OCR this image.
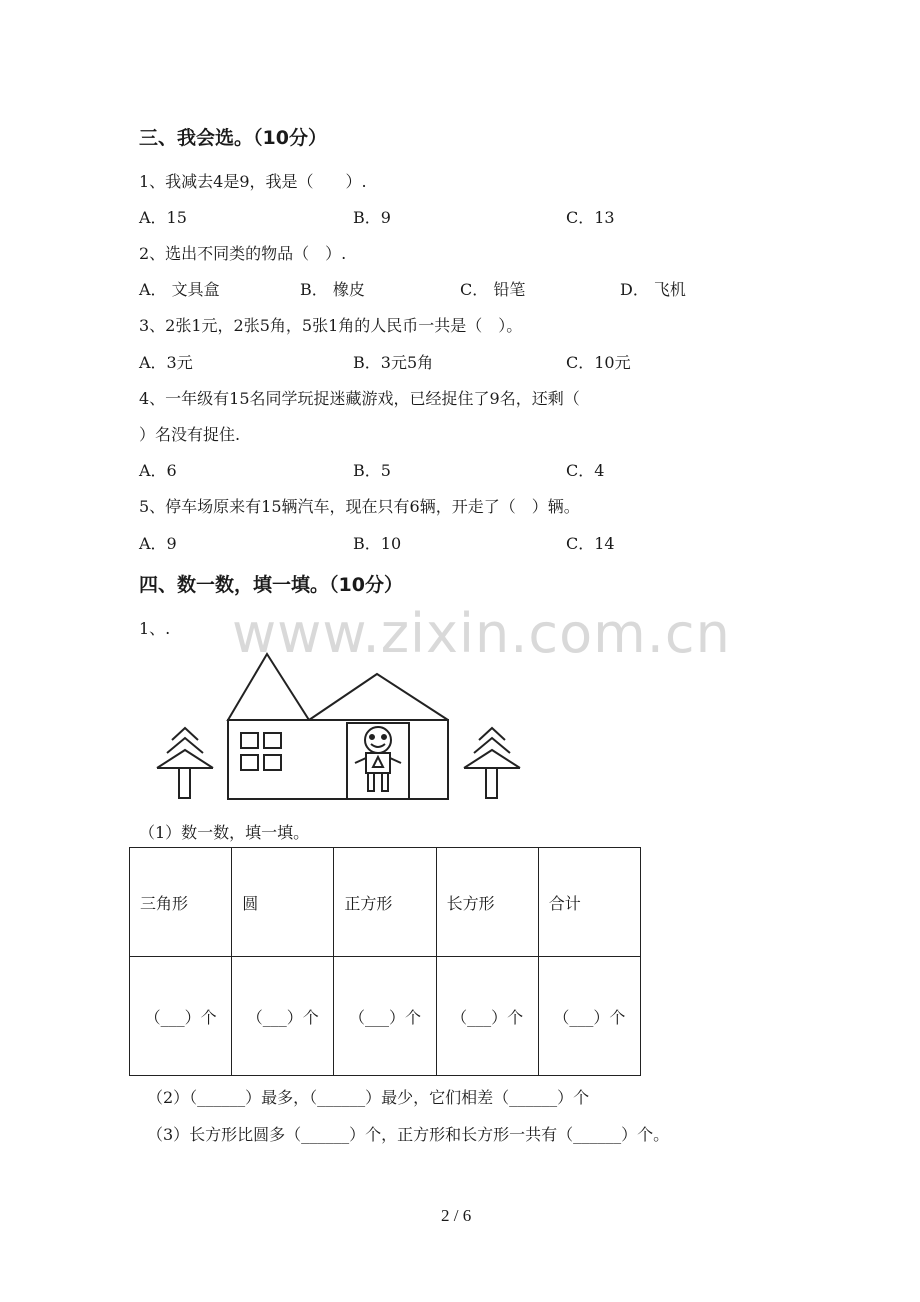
三、我会选。（10分）
1、我减去4是9，我是（　　）.
A．15	B．9	C．13
2、选出不同类的物品（　）.
A． 文具盒	B． 橡皮	C． 铅笔	D． 飞机
3、2张1元，2张5角，5张1角的人民币一共是（　）。
A．3元	B．3元5角	C．10元
4、一年级有15名同学玩捉迷藏游戏，已经捉住了9名，还剩（
）名没有捉住.
A．6	B．5	C．4
5、停车场原来有15辆汽车，现在只有6辆，开走了（　）辆。
A．9	B．10	C．14
四、数一数，填一填。（10分）
1、. www.zixin.com.cn
（1）数一数，填一填。
三角形	圆	正方形	长方形	合计
（___）个	（___）个	（___）个	（___）个	（___）个
（2）（______）最多，（______）最少，它们相差（______）个
（3）长方形比圆多（______）个，正方形和长方形一共有（______）个。
2 / 6
